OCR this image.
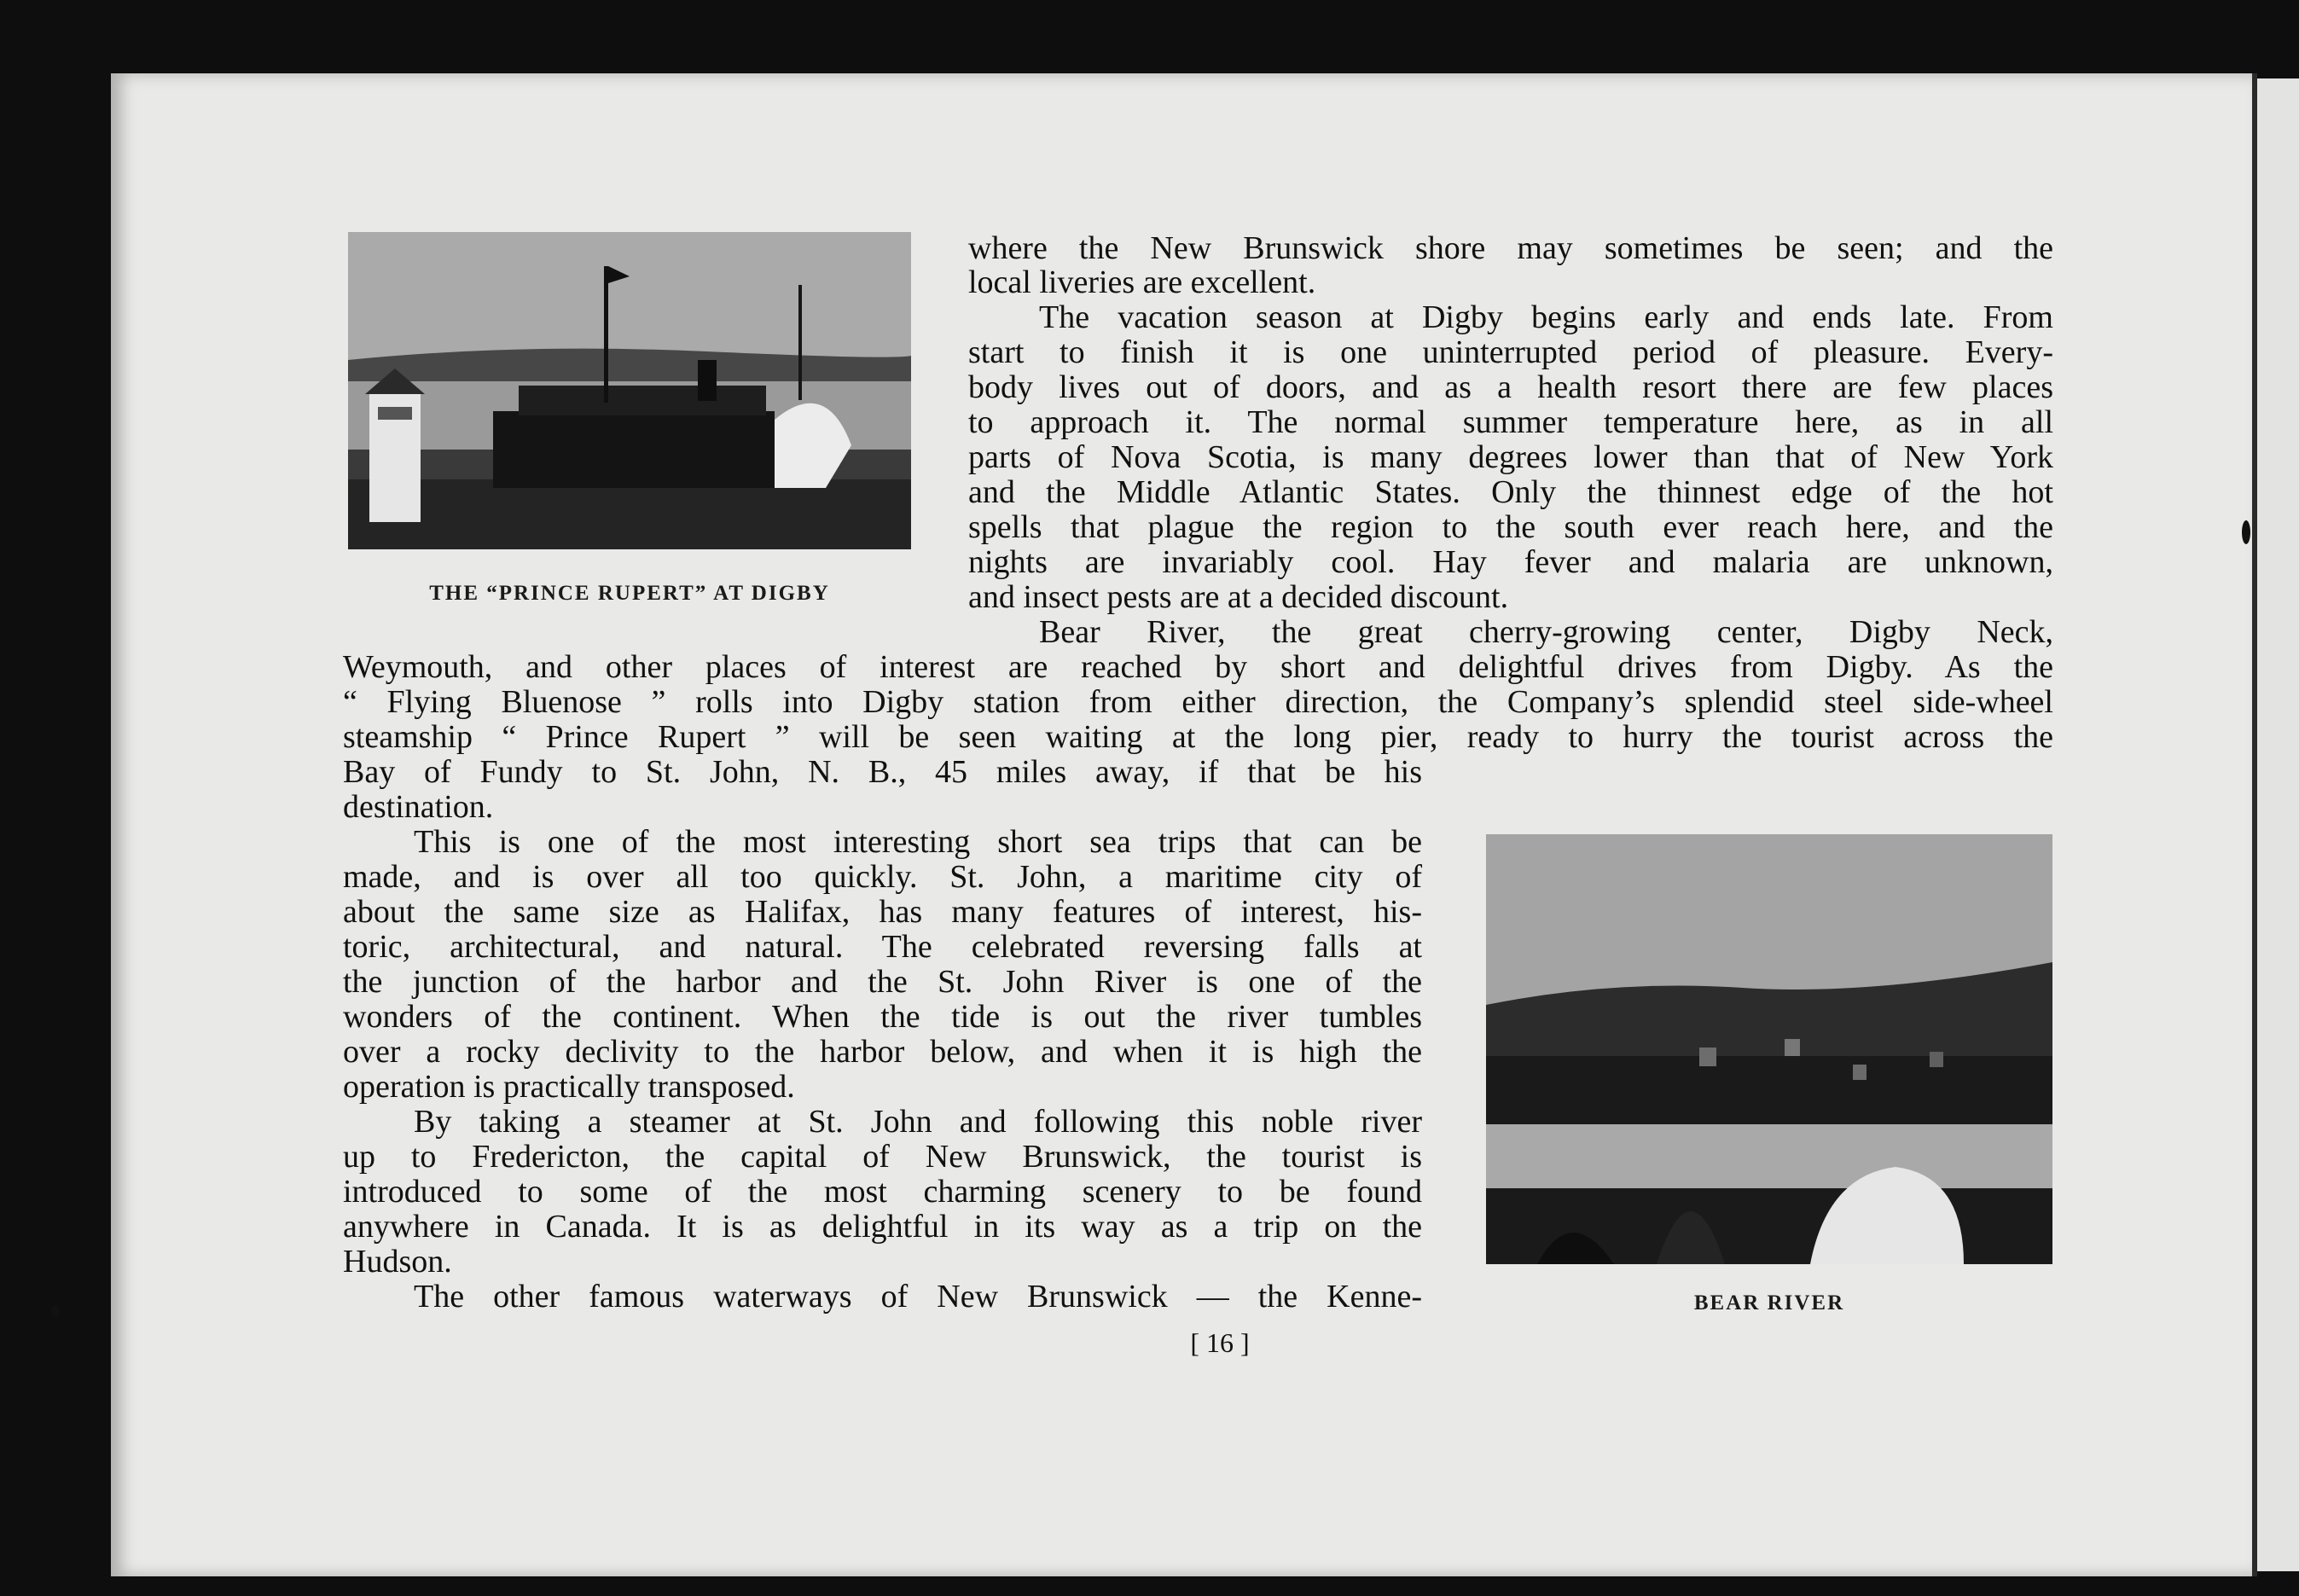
THE “PRINCE RUPERT” AT DIGBY

BEAR RIVER

where the New Brunswick shore may sometimes be seen; and the

local liveries are excellent.

The vacation season at Digby begins early and ends late. From

start to finish it is one uninterrupted period of pleasure. Every-

body lives out of doors, and as a health resort there are few places

to approach it. The normal summer temperature here, as in all

parts of Nova Scotia, is many degrees lower than that of New York

and the Middle Atlantic States. Only the thinnest edge of the hot

spells that plague the region to the south ever reach here, and the

nights are invariably cool. Hay fever and malaria are unknown,

and insect pests are at a decided discount.

Bear River, the great cherry-growing center, Digby Neck,

Weymouth, and other places of interest are reached by short and delightful drives from Digby. As the

“ Flying Bluenose ” rolls into Digby station from either direction, the Company’s splendid steel side-wheel

steamship “ Prince Rupert ” will be seen waiting at the long pier, ready to hurry the tourist across the

Bay of Fundy to St. John, N. B., 45 miles away, if that be his

destination.

This is one of the most interesting short sea trips that can be

made, and is over all too quickly. St. John, a maritime city of

about the same size as Halifax, has many features of interest, his-

toric, architectural, and natural. The celebrated reversing falls at

the junction of the harbor and the St. John River is one of the

wonders of the continent. When the tide is out the river tumbles

over a rocky declivity to the harbor below, and when it is high the

operation is practically transposed.

By taking a steamer at St. John and following this noble river

up to Fredericton, the capital of New Brunswick, the tourist is

introduced to some of the most charming scenery to be found

anywhere in Canada. It is as delightful in its way as a trip on the

Hudson.

The other famous waterways of New Brunswick — the Kenne-

[ 16 ]
